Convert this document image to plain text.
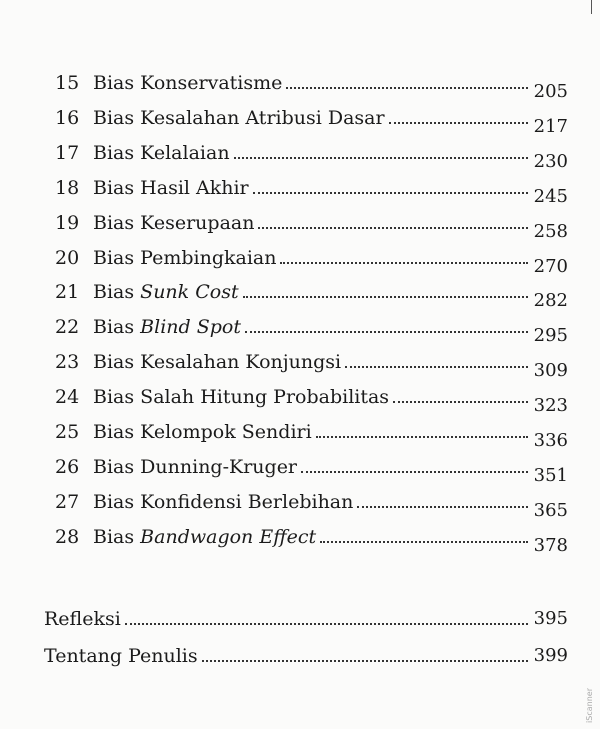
15 Bias Konservatisme	205
16 Bias Kesalahan Atribusi Dasar	217
17 Bias Kelalaian	230
18 Bias Hasil Akhir	245
19 Bias Keserupaan	258
20 Bias Pembingkaian	270
21 Bias Sunk Cost	282
22 Bias Blind Spot	295
23 Bias Kesalahan Konjungsi	309
24 Bias Salah Hitung Probabilitas	323
25 Bias Kelompok Sendiri	336
26 Bias Dunning-Kruger	351
27 Bias Konfidensi Berlebihan	365
28 Bias Bandwagon Effect	378
Refleksi	395
Tentang Penulis	399
iScanner
